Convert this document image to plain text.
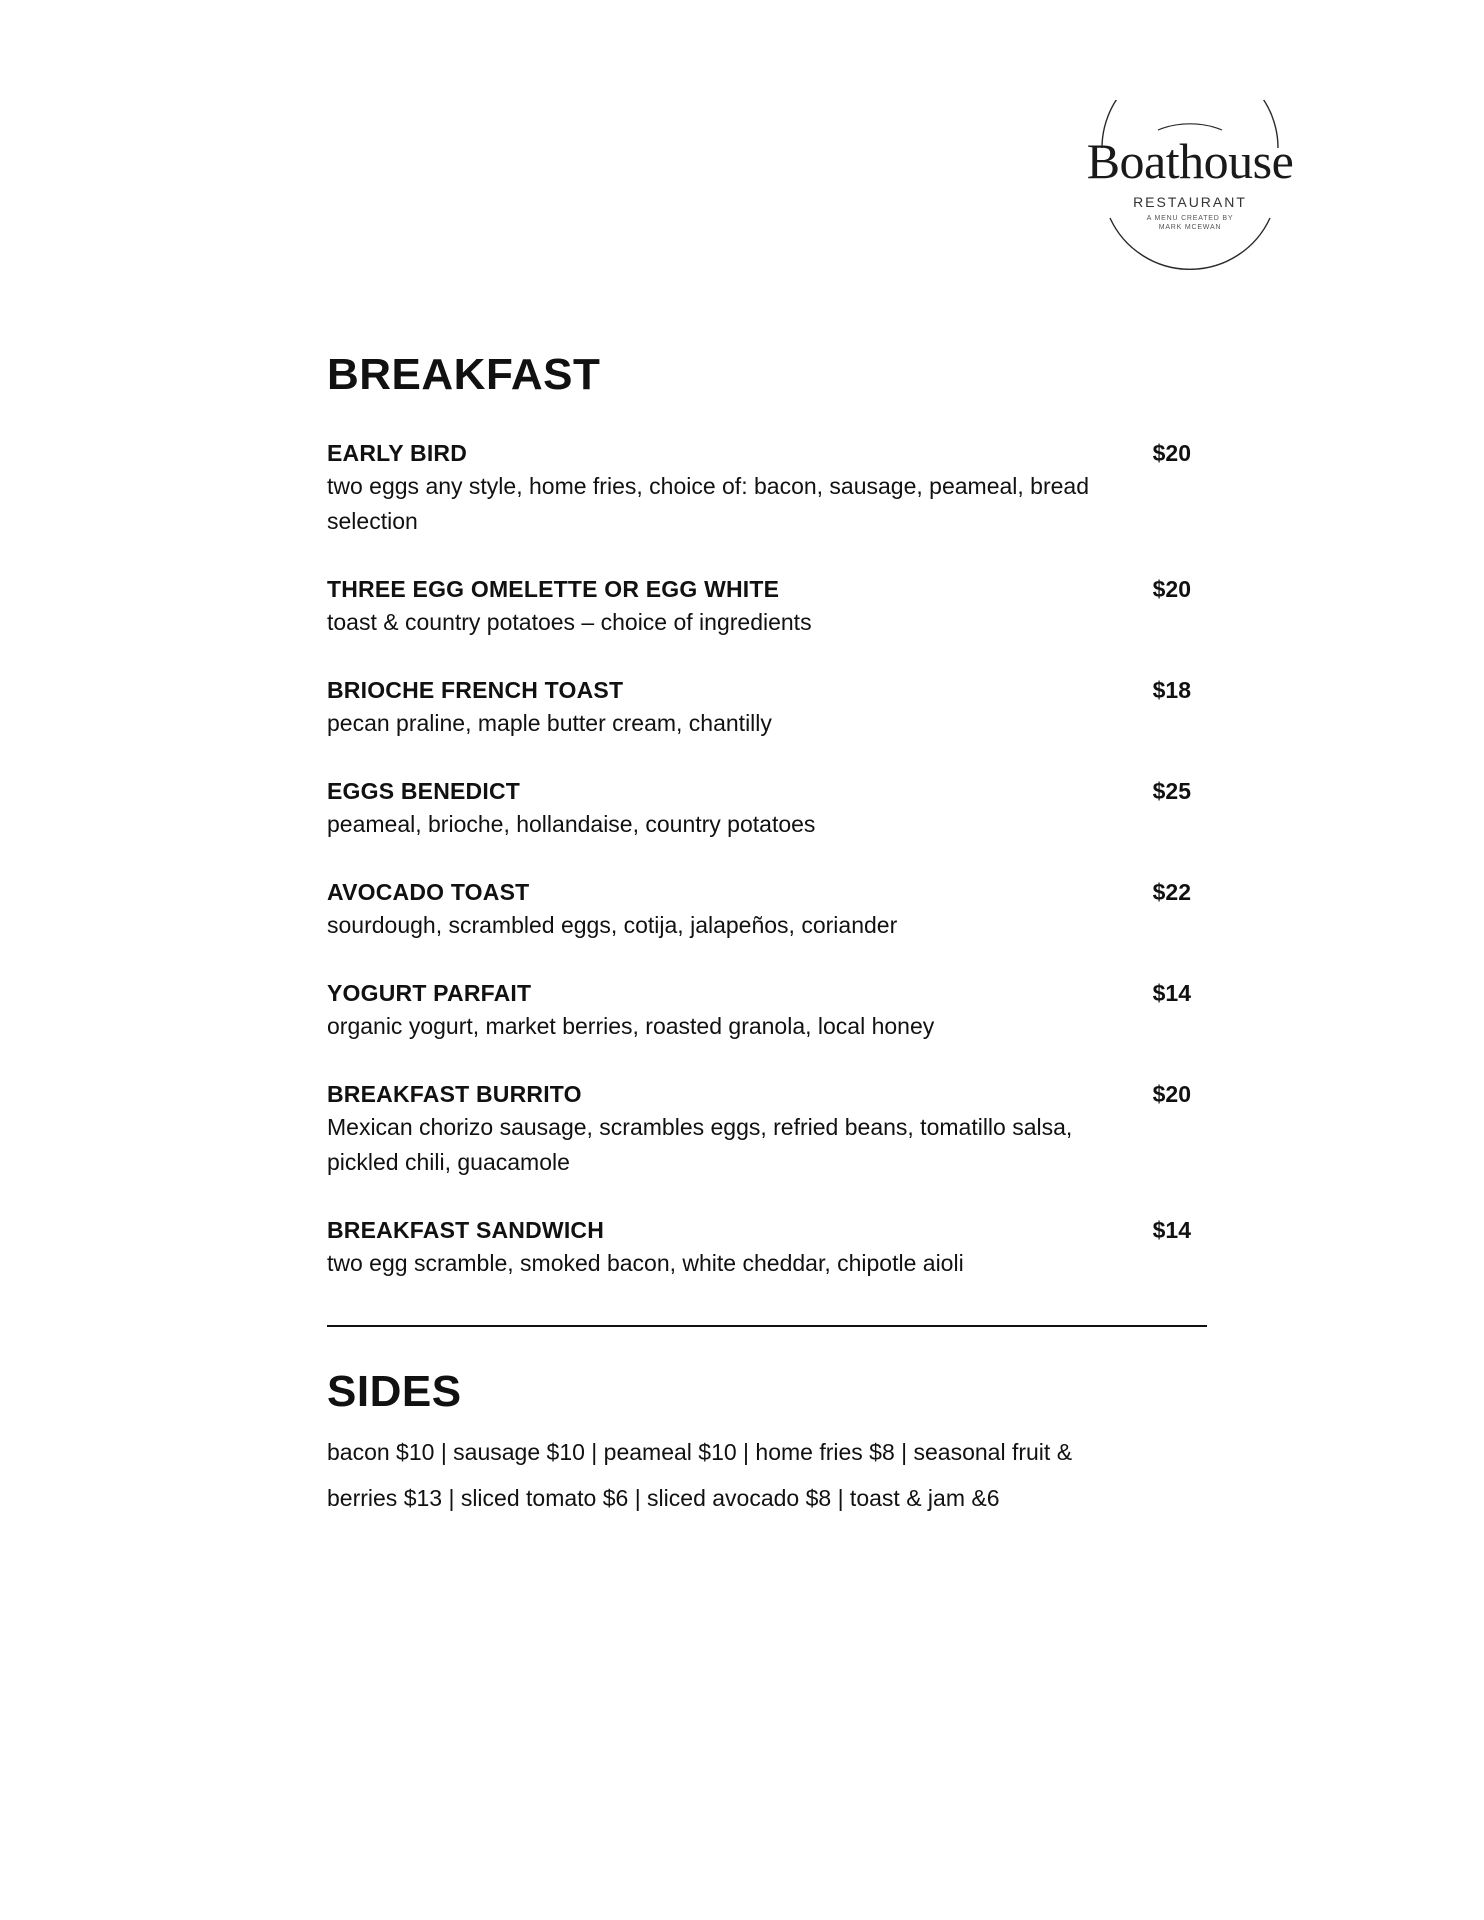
Boathouse
RESTAURANT
A MENU CREATED BY
MARK MCEWAN
BREAKFAST
EARLY BIRD	$20
two eggs any style, home fries, choice of: bacon, sausage, peameal, bread selection
THREE EGG OMELETTE OR EGG WHITE	$20
toast & country potatoes – choice of ingredients
BRIOCHE FRENCH TOAST	$18
pecan praline, maple butter cream, chantilly
EGGS BENEDICT	$25
peameal, brioche, hollandaise, country potatoes
AVOCADO TOAST	$22
sourdough, scrambled eggs, cotija, jalapeños, coriander
YOGURT PARFAIT	$14
organic yogurt, market berries, roasted granola, local honey
BREAKFAST BURRITO	$20
Mexican chorizo sausage, scrambles eggs, refried beans, tomatillo salsa, pickled chili, guacamole
BREAKFAST SANDWICH	$14
two egg scramble, smoked bacon, white cheddar, chipotle aioli
SIDES
bacon $10 | sausage $10 | peameal $10 | home fries $8 | seasonal fruit & berries $13 | sliced tomato $6 | sliced avocado $8 | toast & jam &6
